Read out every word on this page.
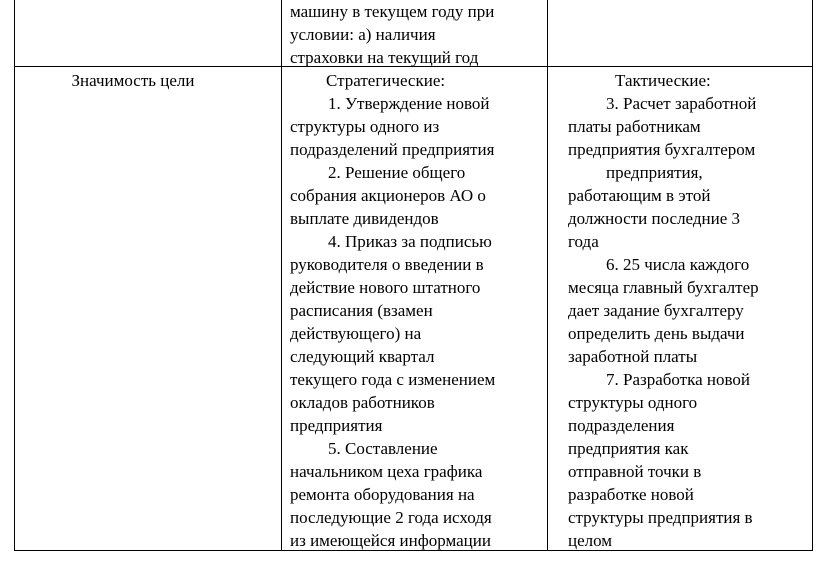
машину в текущем году при
условии: а) наличия
страховки на текущий год
Значимость цели	Стратегические:
1. Утверждение новой
структуры одного из
подразделений предприятия
2. Решение общего
собрания акционеров АО о
выплате дивидендов
4. Приказ за подписью
руководителя о введении в
действие нового штатного
расписания (взамен
действующего) на
следующий квартал
текущего года с изменением
окладов работников
предприятия
5. Составление
начальником цеха графика
ремонта оборудования на
последующие 2 года исходя
из имеющейся информации
Тактические:
3. Расчет заработной
платы работникам
предприятия бухгалтером
предприятия,
работающим в этой
должности последние 3
года
6. 25 числа каждого
месяца главный бухгалтер
дает задание бухгалтеру
определить день выдачи
заработной платы
7. Разработка новой
структуры одного
подразделения
предприятия как
отправной точки в
разработке новой
структуры предприятия в
целом
